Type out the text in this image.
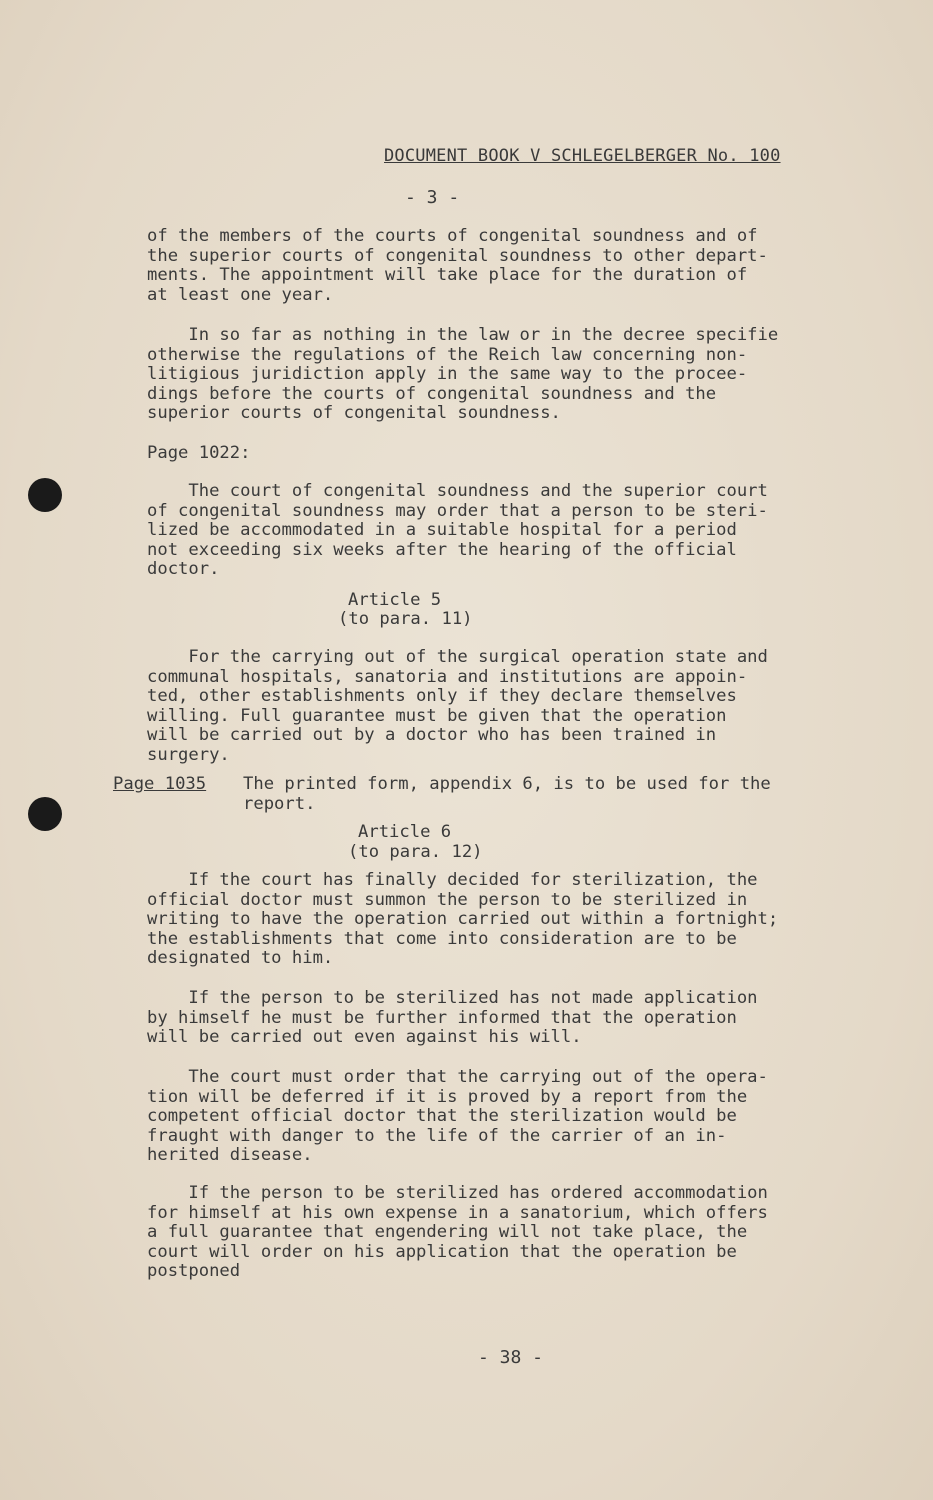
DOCUMENT BOOK V SCHLEGELBERGER No. 100
- 3 -
of the members of the courts of congenital soundness and of
the superior courts of congenital soundness to other depart-
ments. The appointment will take place for the duration of
at least one year.
In so far as nothing in the law or in the decree specifie
otherwise the regulations of the Reich law concerning non-
litigious juridiction apply in the same way to the procee-
dings before the courts of congenital soundness and the
superior courts of congenital soundness.
Page 1022:
The court of congenital soundness and the superior court
of congenital soundness may order that a person to be steri-
lized be accommodated in a suitable hospital for a period
not exceeding six weeks after the hearing of the official
doctor.
Article 5
(to para. 11)
For the carrying out of the surgical operation state and
communal hospitals, sanatoria and institutions are appoin-
ted, other establishments only if they declare themselves
willing. Full guarantee must be given that the operation
will be carried out by a doctor who has been trained in
surgery.
Page 1035 The printed form, appendix 6, is to be used for the
report.
Article 6
(to para. 12)
If the court has finally decided for sterilization, the
official doctor must summon the person to be sterilized in
writing to have the operation carried out within a fortnight;
the establishments that come into consideration are to be
designated to him.
If the person to be sterilized has not made application
by himself he must be further informed that the operation
will be carried out even against his will.
The court must order that the carrying out of the opera-
tion will be deferred if it is proved by a report from the
competent official doctor that the sterilization would be
fraught with danger to the life of the carrier of an in-
herited disease.
If the person to be sterilized has ordered accommodation
for himself at his own expense in a sanatorium, which offers
a full guarantee that engendering will not take place, the
court will order on his application that the operation be
postponed
- 38 -
